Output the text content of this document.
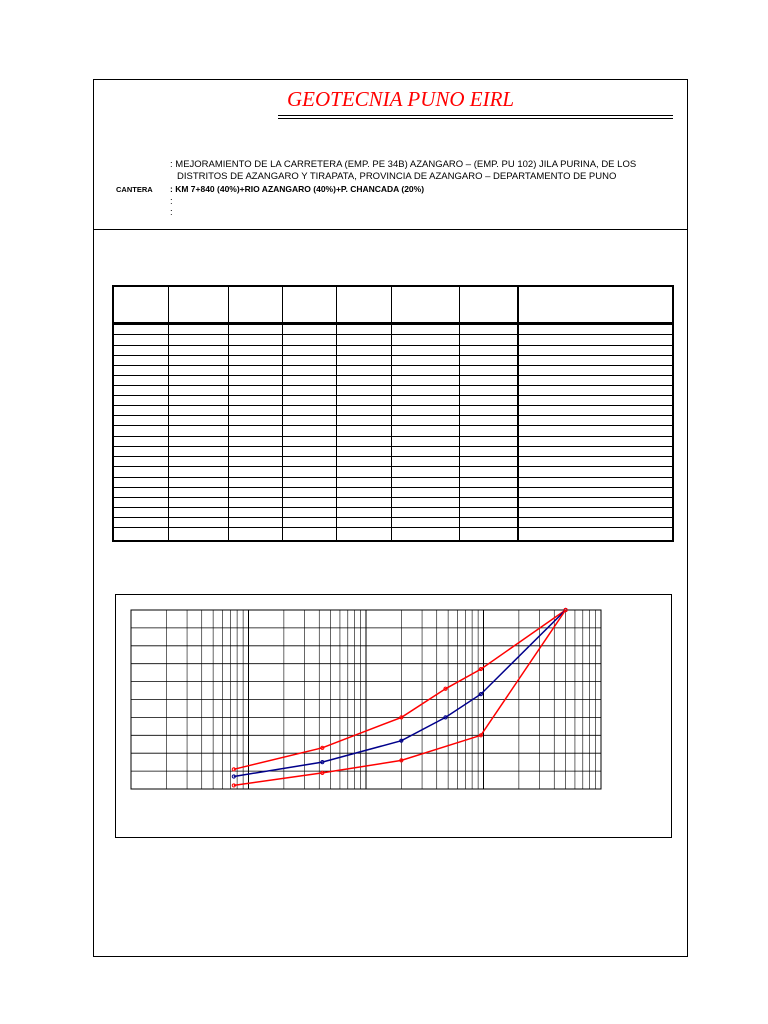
GEOTECNIA PUNO EIRL
: MEJORAMIENTO DE LA CARRETERA (EMP. PE 34B) AZANGARO – (EMP. PU 102) JILA PURINA, DE LOS
DISTRITOS DE AZANGARO Y TIRAPATA, PROVINCIA DE AZANGARO – DEPARTAMENTO DE PUNO
CANTERA : KM 7+840 (40%)+RIO AZANGARO (40%)+P. CHANCADA (20%)
:
:
